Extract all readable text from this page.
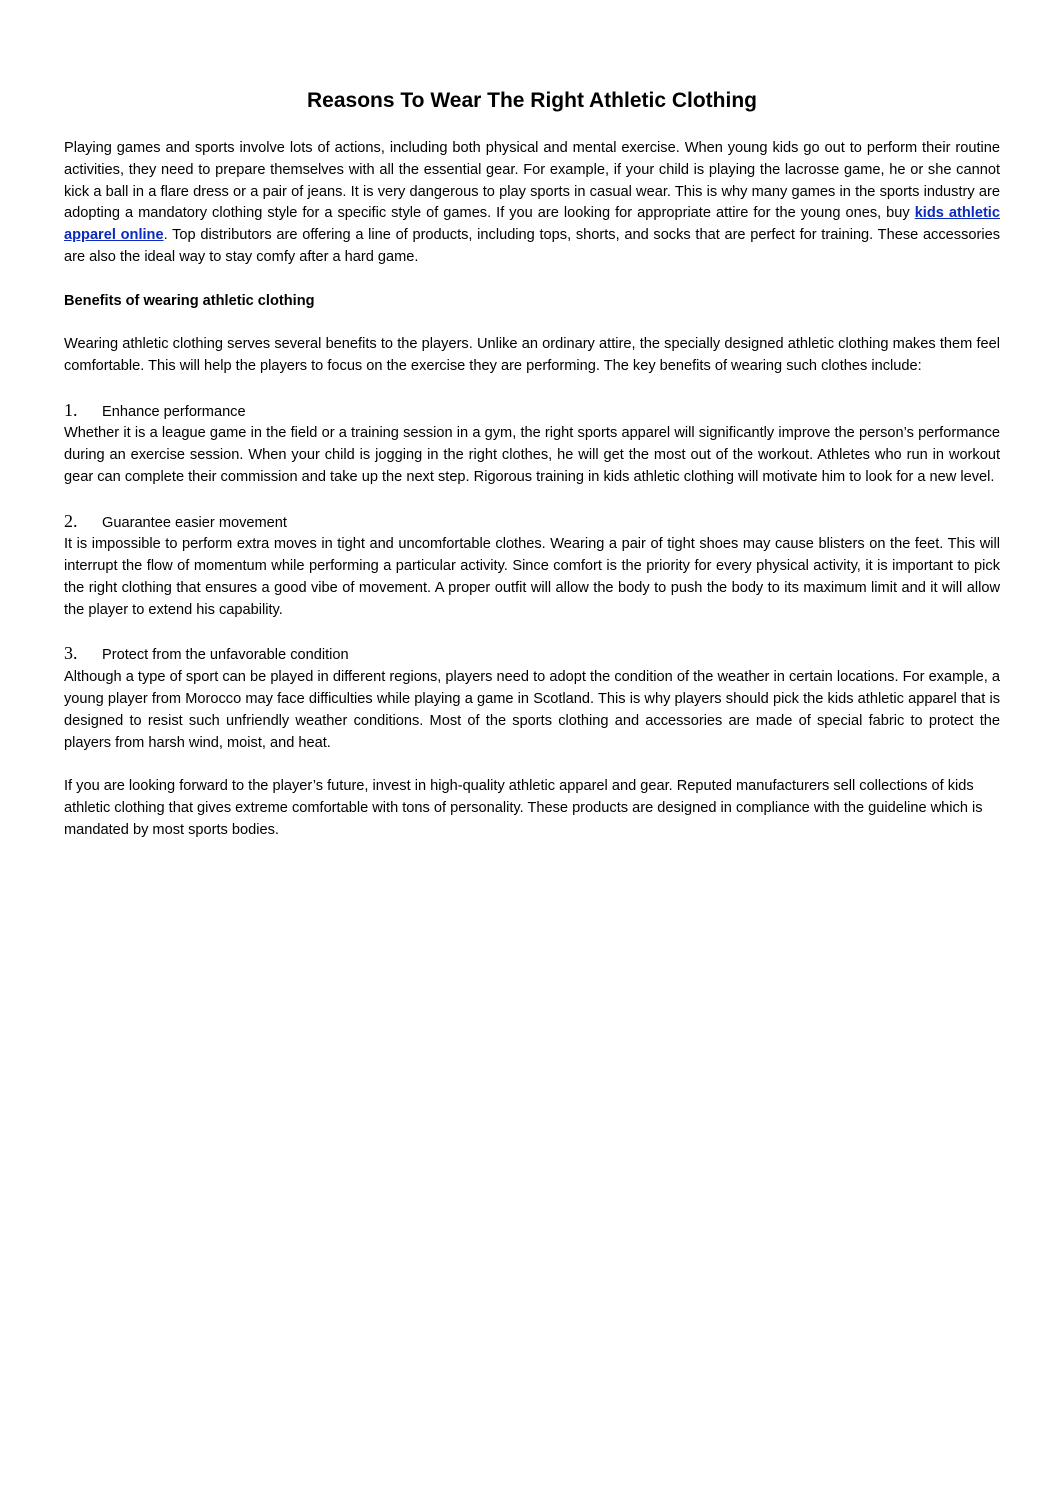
Reasons To Wear The Right Athletic Clothing

Playing games and sports involve lots of actions, including both physical and mental exercise. When young kids go out to perform their routine activities, they need to prepare themselves with all the essential gear. For example, if your child is playing the lacrosse game, he or she cannot kick a ball in a flare dress or a pair of jeans. It is very dangerous to play sports in casual wear. This is why many games in the sports industry are adopting a mandatory clothing style for a specific style of games. If you are looking for appropriate attire for the young ones, buy kids athletic apparel online. Top distributors are offering a line of products, including tops, shorts, and socks that are perfect for training. These accessories are also the ideal way to stay comfy after a hard game.

Benefits of wearing athletic clothing

Wearing athletic clothing serves several benefits to the players. Unlike an ordinary attire, the specially designed athletic clothing makes them feel comfortable. This will help the players to focus on the exercise they are performing. The key benefits of wearing such clothes include:

1.	Enhance performance

Whether it is a league game in the field or a training session in a gym, the right sports apparel will significantly improve the person’s performance during an exercise session. When your child is jogging in the right clothes, he will get the most out of the workout. Athletes who run in workout gear can complete their commission and take up the next step. Rigorous training in kids athletic clothing will motivate him to look for a new level.

2.	Guarantee easier movement

It is impossible to perform extra moves in tight and uncomfortable clothes. Wearing a pair of tight shoes may cause blisters on the feet. This will interrupt the flow of momentum while performing a particular activity. Since comfort is the priority for every physical activity, it is important to pick the right clothing that ensures a good vibe of movement. A proper outfit will allow the body to push the body to its maximum limit and it will allow the player to extend his capability.

3.	Protect from the unfavorable condition

Although a type of sport can be played in different regions, players need to adopt the condition of the weather in certain locations. For example, a young player from Morocco may face difficulties while playing a game in Scotland. This is why players should pick the kids athletic apparel that is designed to resist such unfriendly weather conditions. Most of the sports clothing and accessories are made of special fabric to protect the players from harsh wind, moist, and heat.

If you are looking forward to the player’s future, invest in high-quality athletic apparel and gear. Reputed manufacturers sell collections of kids athletic clothing that gives extreme comfortable with tons of personality. These products are designed in compliance with the guideline which is mandated by most sports bodies.
